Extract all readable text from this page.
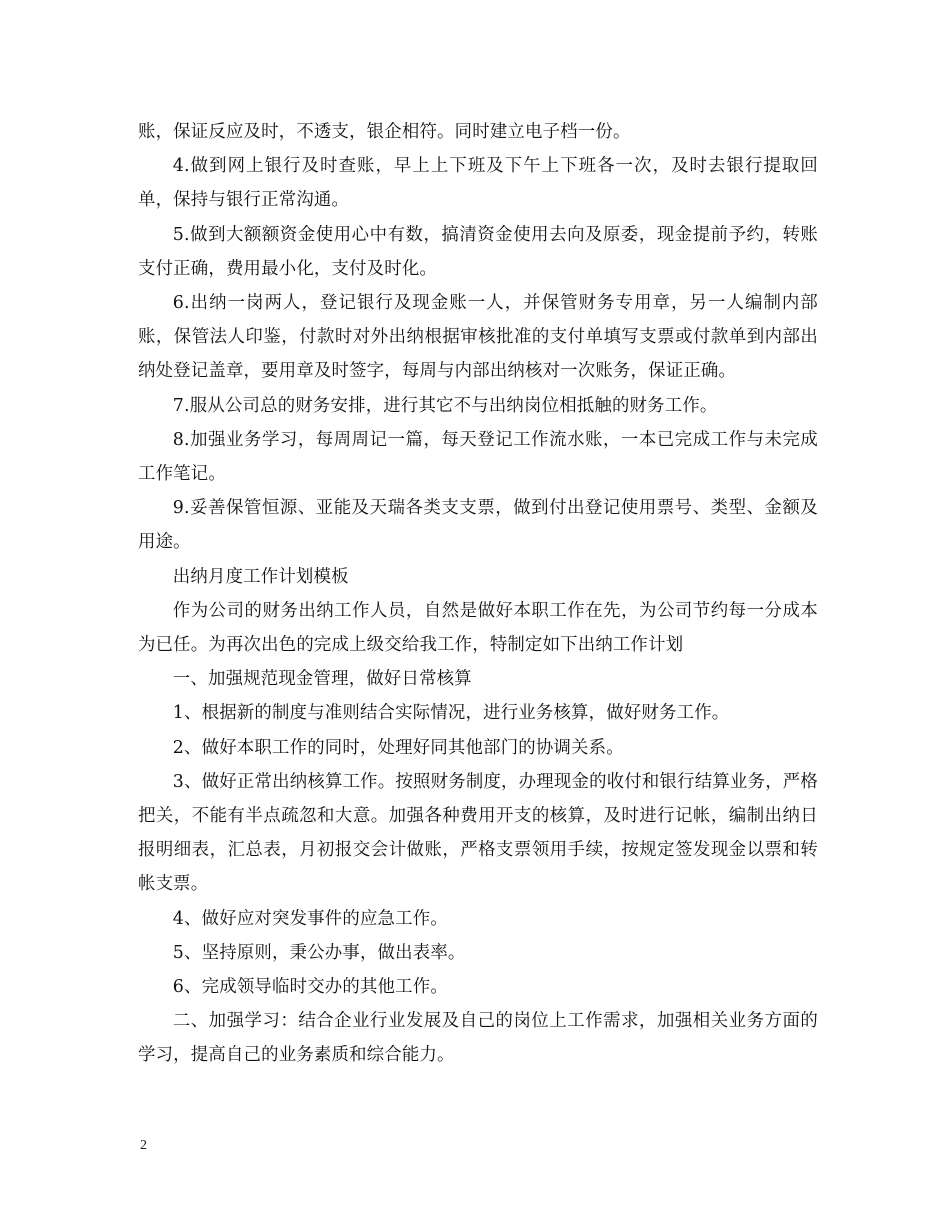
账，保证反应及时，不透支，银企相符。同时建立电子档一份。

4.做到网上银行及时查账，早上上下班及下午上下班各一次，及时去银行提取回单，保持与银行正常沟通。

5.做到大额额资金使用心中有数，搞清资金使用去向及原委，现金提前予约，转账支付正确，费用最小化，支付及时化。

6.出纳一岗两人，登记银行及现金账一人，并保管财务专用章，另一人编制内部账，保管法人印鉴，付款时对外出纳根据审核批准的支付单填写支票或付款单到内部出纳处登记盖章，要用章及时签字，每周与内部出纳核对一次账务，保证正确。

7.服从公司总的财务安排，进行其它不与出纳岗位相抵触的财务工作。

8.加强业务学习，每周周记一篇，每天登记工作流水账，一本已完成工作与未完成工作笔记。

9.妥善保管恒源、亚能及天瑞各类支支票，做到付出登记使用票号、类型、金额及用途。

出纳月度工作计划模板

作为公司的财务出纳工作人员，自然是做好本职工作在先，为公司节约每一分成本为已任。为再次出色的完成上级交给我工作，特制定如下出纳工作计划

一、加强规范现金管理，做好日常核算

1、根据新的制度与准则结合实际情况，进行业务核算，做好财务工作。

2、做好本职工作的同时，处理好同其他部门的协调关系。

3、做好正常出纳核算工作。按照财务制度，办理现金的收付和银行结算业务，严格把关，不能有半点疏忽和大意。加强各种费用开支的核算，及时进行记帐，编制出纳日报明细表，汇总表，月初报交会计做账，严格支票领用手续，按规定签发现金以票和转帐支票。

4、做好应对突发事件的应急工作。

5、坚持原则，秉公办事，做出表率。

6、完成领导临时交办的其他工作。

二、加强学习：结合企业行业发展及自己的岗位上工作需求，加强相关业务方面的学习，提高自己的业务素质和综合能力。

2
